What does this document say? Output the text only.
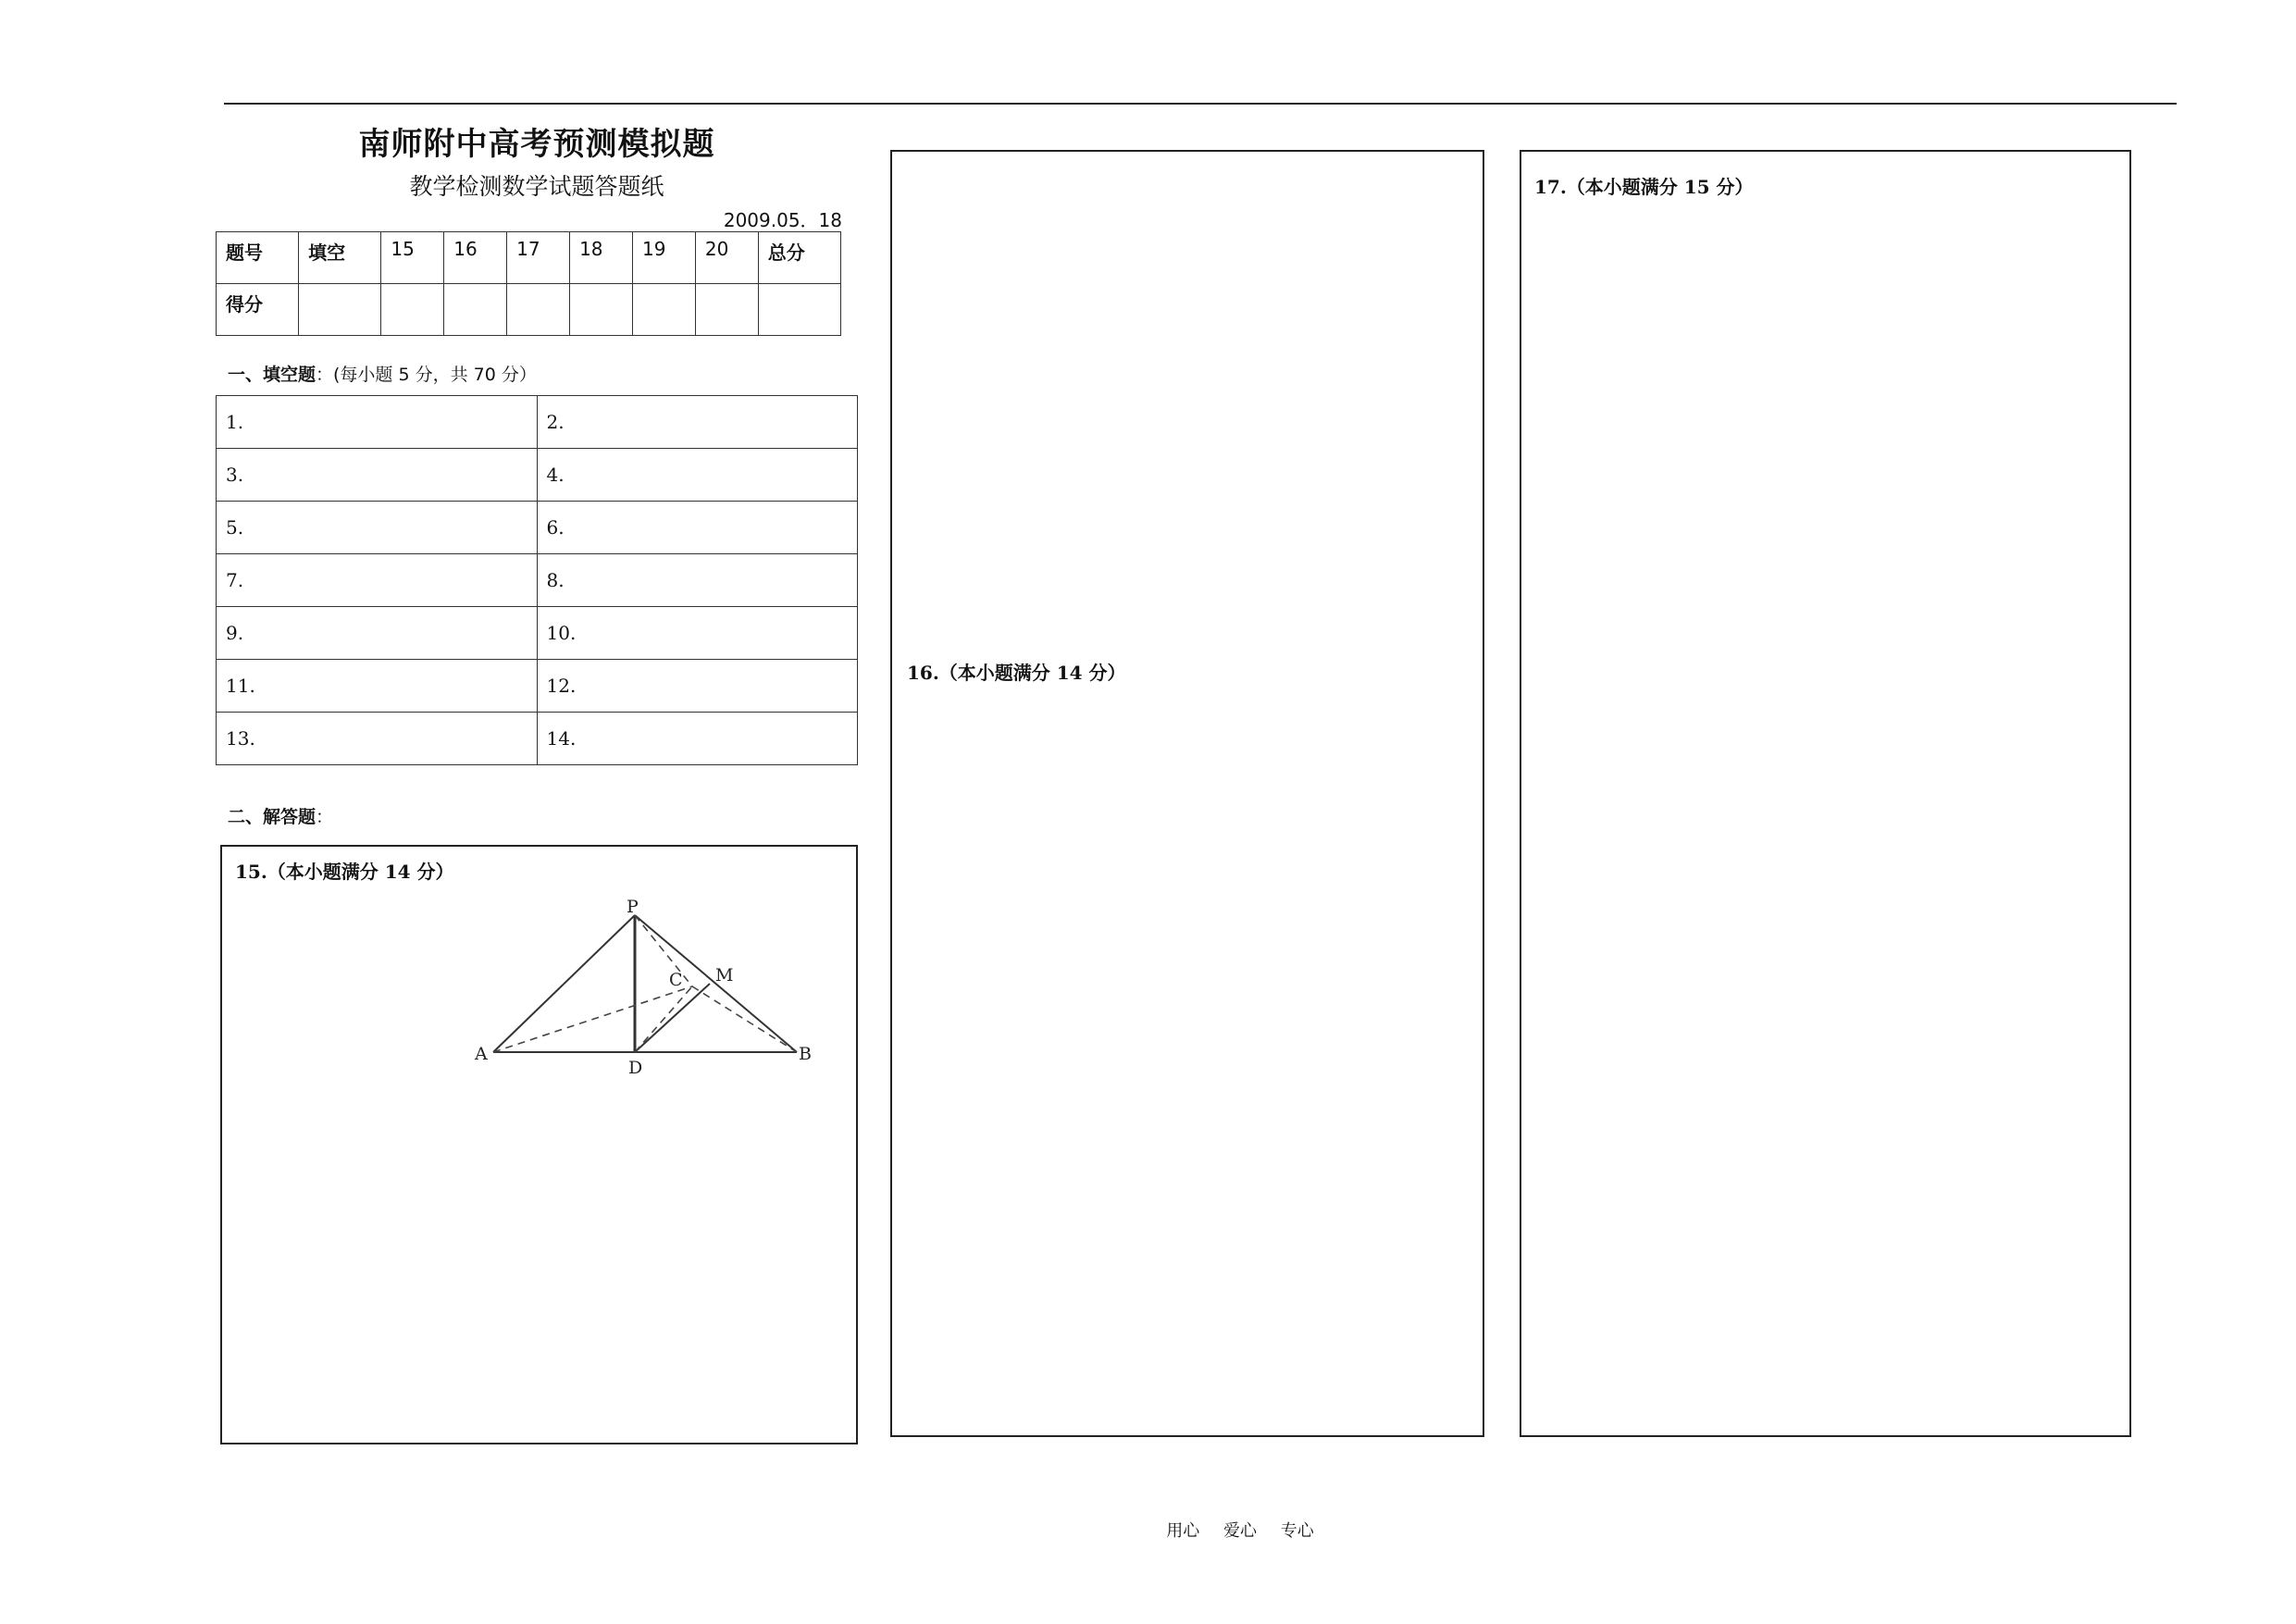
南师附中高考预测模拟题
教学检测数学试题答题纸
2009.05．18
题号	填空	15	16	17	18	19	20	总分
得分								
一、填空题：(每小题 5 分，共 70 分）
1.	2.
3.	4.
5.	6.
7.	8.
9.	10.
11.	12.
13.	14.
二、解答题：
15.（本小题满分 14 分）
P
C M
A
D
B
16.（本小题满分 14 分）
17.（本小题满分 15 分）
用心 爱心 专心
